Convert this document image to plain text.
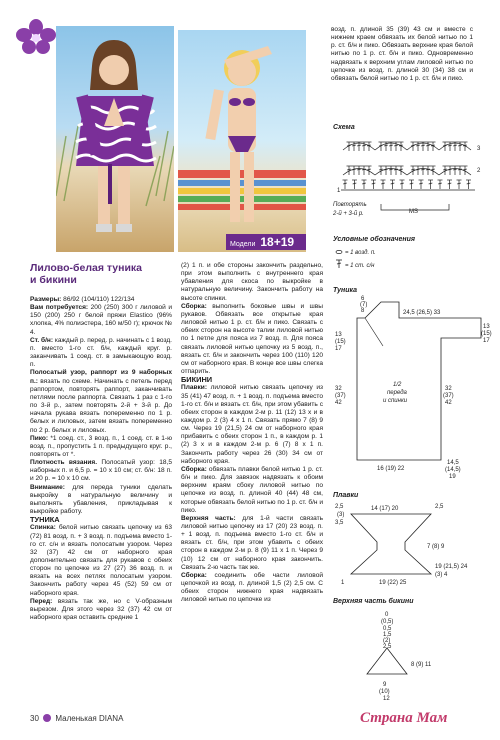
Модели 18+19
Лилово-белая туника
и бикини

Размеры: 86/92 (104/110) 122/134

Вам потребуется: 200 (250) 300 г лиловой и 150 (200) 250 г белой пряжи Elastico (96% хлопка, 4% полиэстера, 160 м/50 г); крючок № 4.

Ст. б/н: каждый р. перед. р. начинать с 1 возд. п. вместо 1-го ст. б/н, каждый круг. р. заканчивать 1 соед. ст. в замыкающую возд. п.

Полосатый узор, раппорт из 9 наборных п.: вязать по схеме. Начинать с петель перед раппортом, повторять раппорт, заканчивать петлями после раппорта. Связать 1 раз с 1-го по 3-й р., затем повторять 2-й + 3-й р. До начала рукава вязать попеременно по 1 р. белых и лиловых, затем вязать попеременно по 2 р. белых и лиловых.

Пико: *1 соед. ст., 3 возд. п., 1 соед. ст. в 1-ю возд. п., пропустить 1 п. предыдущего круг. р., повторять от *.

Плотность вязания. Полосатый узор: 18,5 наборных п. и 6,5 р. = 10 х 10 см; ст. б/н: 18 п. и 20 р. = 10 х 10 см.

Внимание: для переда туники сделать выкройку в натуральную величину и выполнять убавления, прикладывая к выкройке работу.

ТУНИКА

Спинка: белой нитью связать цепочку из 63 (72) 81 возд. п. + 3 возд. п. подъема вместо 1-го ст. с/н и вязать полосатым узором. Через 32 (37) 42 см от наборного края дополнительно связать для рукавов с обеих сторон по цепочке из 27 (27) 36 возд. п. и вязать на всех петлях полосатым узором. Закончить работу через 45 (52) 59 см от наборного края.

Перед: вязать так же, но с V-образным вырезом. Для этого через 32 (37) 42 см от наборного края оставить средние 1

(2) 1 п. и обе стороны закончить раздельно, при этом выполнить с внутреннего края убавления для скоса по выкройке в натуральную величину. Закончить работу на высоте спинки.

Сборка: выполнить боковые швы и швы рукавов. Обвязать все открытые края лиловой нитью 1 р. ст. б/н и пико. Связать с обеих сторон на высоте талии лиловой нитью по 1 петле для пояса из 7 возд. п. Для пояса связать лиловой нитью цепочку из 5 возд. п., вязать ст. б/н и закончить через 100 (110) 120 см от наборного края. В конце все швы слегка отпарить.

БИКИНИ

Плавки: лиловой нитью связать цепочку из 35 (41) 47 возд. п. + 1 возд. п. подъема вместо 1-го ст. б/н и вязать ст. б/н, при этом убавить с обеих сторон в каждом 2-м р. 11 (12) 13 х и в каждом р. 2 (3) 4 х 1 п. Связать прямо 7 (8) 9 см. Через 19 (21,5) 24 см от наборного края прибавить с обеих сторон 1 п., в каждом р. 1 (2) 3 х и в каждом 2-м р. 6 (7) 8 х 1 п. Закончить работу через 26 (30) 34 см от наборного края.

Сборка: обвязать плавки белой нитью 1 р. ст. б/н и пико. Для завязок надвязать к обоим верхним краям сбоку лиловой нитью по цепочке из возд. п. длиной 40 (44) 48 см, которые обвязать белой нитью по 1 р. ст. б/н и пико.

Верхняя часть: для 1-й части связать лиловой нитью цепочку из 17 (20) 23 возд. п. + 1 возд. п. подъема вместо 1-го ст. б/н и вязать ст. б/н, при этом убавить с обеих сторон в каждом 2-м р. 8 (9) 11 х 1 п. Через 9 (10) 12 см от наборного края закончить. Связать 2-ю часть так же.

Сборка: соединить обе части лиловой цепочкой из возд. п. длиной 1,5 (2) 2,5 см. С обеих сторон нижнего края надвязать лиловой нитью по цепочке из

возд. п. длиной 35 (39) 43 см и вместе с нижнем краем обвязать их белой нитью по 1 р. ст. б/н и пико. Обвязать верхние края белой нитью по 1 р. ст. б/н и пико. Одновременно надвязать к верхним углам лиловой нитью по цепочке из возд. п. длиной 30 (34) 38 см и обвязать белой нитью по 1 р. ст. б/н и пико.

Схема
3
2
1
Повторять
2-й + 3-й р.	MS
Условные обозначения
= 1 возд. п.
= 1 ст. с/н
Туника
6
(7)
8	24,5 (26,5) 33
13
(15)
17
32
(37)
42
13
(15)
17
32
(37)
42
1/2
переда
и спинки
16 (19) 22
14,5
(14,5)
19
Плавки
2,5
(3)
3,5
14 (17) 20	2,5
7 (8) 9
19 (21,5) 24
(3) 4
19 (22) 25
1
Верхняя часть бикини
0
(0,5)
0,5
1,5
(2)
2,5
8 (9) 11
9
(10)
12
30 Маленькая DIANA	Страна Мам
